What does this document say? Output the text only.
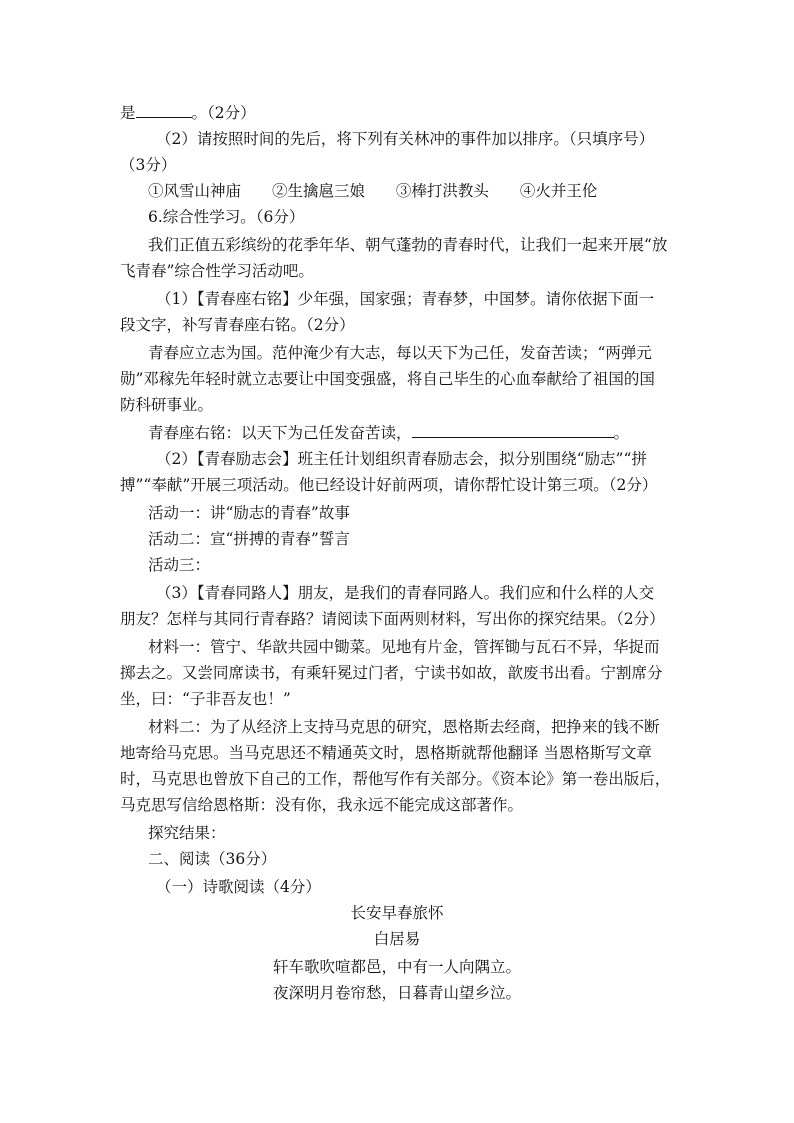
是	。（2分）
（2）请按照时间的先后，将下列有关林冲的事件加以排序。（只填序号）
（3分）
①风雪山神庙 ②生擒扈三娘 ③棒打洪教头 ④火并王伦
6.综合性学习。（6分）
我们正值五彩缤纷的花季年华、朝气蓬勃的青春时代，让我们一起来开展“放
飞青春”综合性学习活动吧。
（1）【青春座右铭】少年强，国家强；青春梦，中国梦。请你依据下面一
段文字，补写青春座右铭。（2分）
青春应立志为国。范仲淹少有大志，每以天下为己任，发奋苦读；“两弹元
勋”邓稼先年轻时就立志要让中国变强盛，将自己毕生的心血奉献给了祖国的国
防科研事业。
青春座右铭：以天下为己任发奋苦读，	。
（2）【青春励志会】班主任计划组织青春励志会，拟分别围绕“励志”“拼
搏”“奉献”开展三项活动。他已经设计好前两项，请你帮忙设计第三项。（2分）
活动一：讲“励志的青春”故事
活动二：宣“拼搏的青春”誓言
活动三：
（3）【青春同路人】朋友，是我们的青春同路人。我们应和什么样的人交
朋友？怎样与其同行青春路？请阅读下面两则材料，写出你的探究结果。（2分）
材料一：管宁、华歆共园中锄菜。见地有片金，管挥锄与瓦石不异，华捉而
掷去之。又尝同席读书，有乘轩冕过门者，宁读书如故，歆废书出看。宁割席分
坐，曰：“子非吾友也！”
材料二：为了从经济上支持马克思的研究，恩格斯去经商，把挣来的钱不断
地寄给马克思。当马克思还不精通英文时，恩格斯就帮他翻译 当恩格斯写文章
时，马克思也曾放下自己的工作，帮他写作有关部分。《资本论》第一卷出版后，
马克思写信给恩格斯：没有你，我永远不能完成这部著作。
探究结果：
二、阅读（36分）
（一）诗歌阅读（4分）
长安早春旅怀
白居易
轩车歌吹喧都邑，中有一人向隅立。
夜深明月卷帘愁，日暮青山望乡泣。
